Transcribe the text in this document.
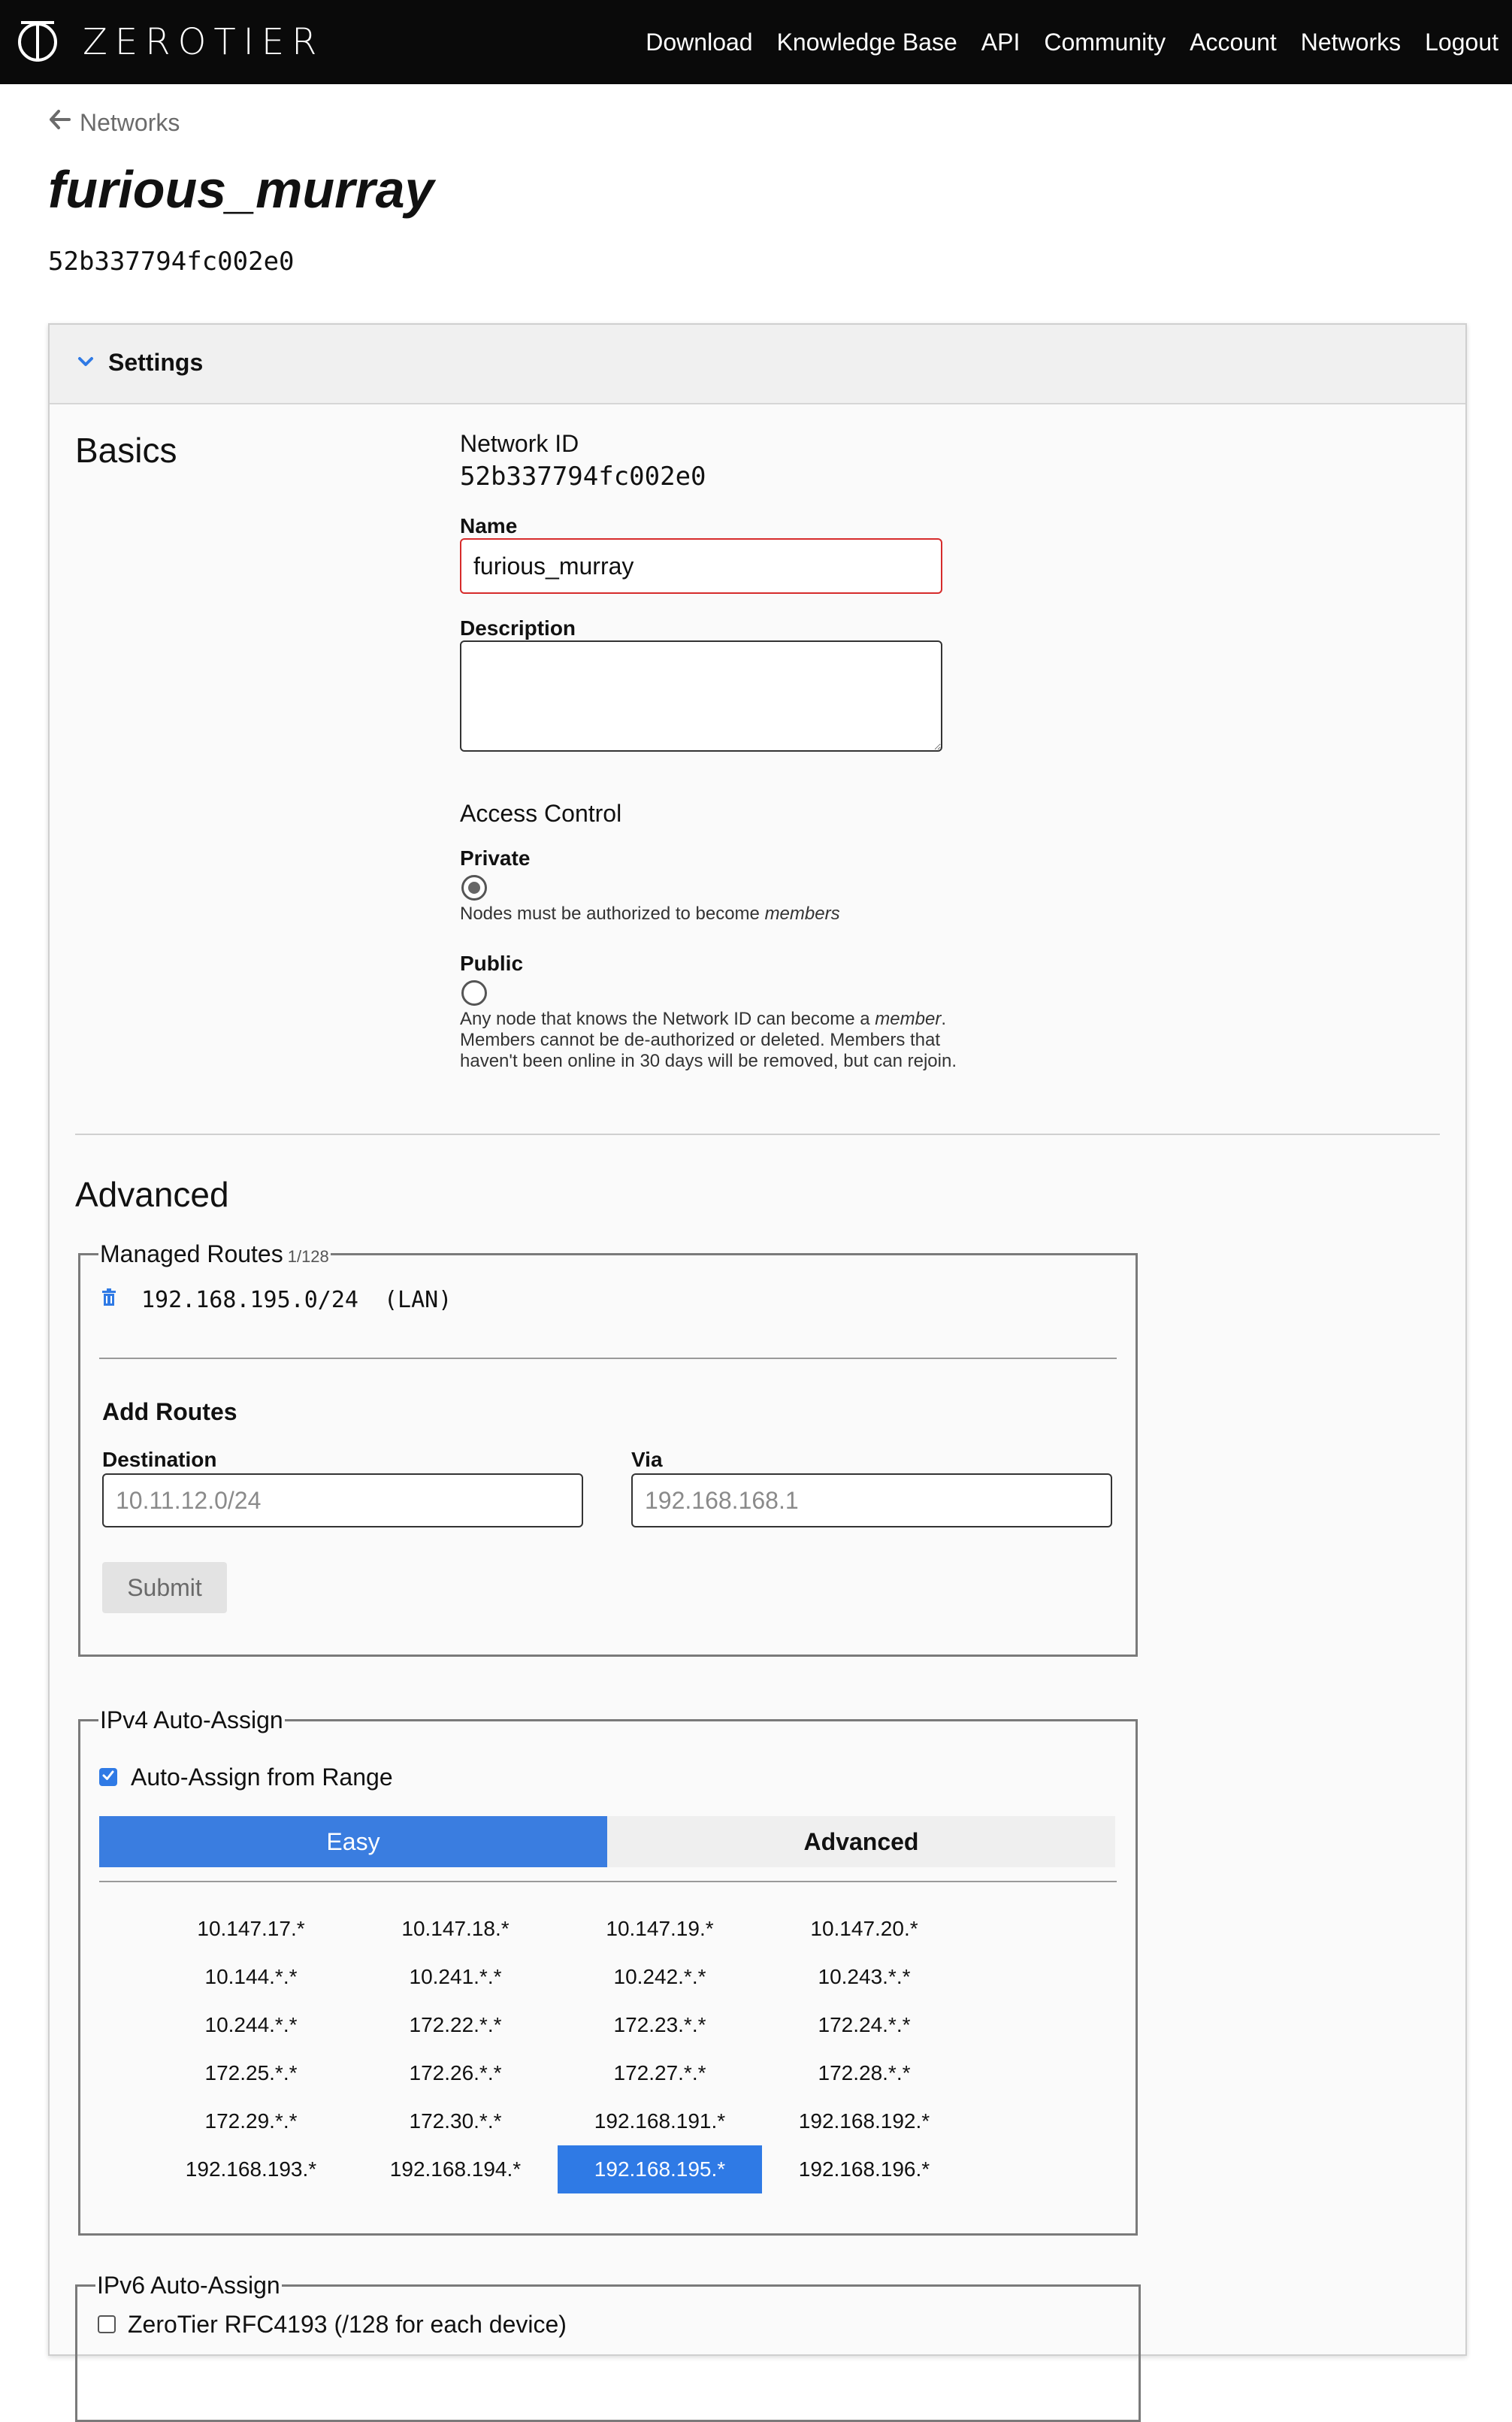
ZEROTIER	Download Knowledge Base API Community Account Networks Logout
Networks
furious_murray
52b337794fc002e0
Settings
Basics	Network ID
52b337794fc002e0
Name
furious_murray
Description
Access Control
Private
Nodes must be authorized to become members
Public
Any node that knows the Network ID can become a member.
Members cannot be de-authorized or deleted. Members that
haven't been online in 30 days will be removed, but can rejoin.
Advanced
Managed Routes 1/128
192.168.195.0/24 (LAN)
Add Routes
Destination
10.11.12.0/24	Via
192.168.168.1
Submit
IPv4 Auto-Assign
Auto-Assign from Range
Easy	Advanced
10.147.17.*	10.147.18.*	10.147.19.*	10.147.20.*
10.144.*.*	10.241.*.*	10.242.*.*	10.243.*.*
10.244.*.*	172.22.*.*	172.23.*.*	172.24.*.*
172.25.*.*	172.26.*.*	172.27.*.*	172.28.*.*
172.29.*.*	172.30.*.*	192.168.191.*	192.168.192.*
192.168.193.*	192.168.194.*	192.168.195.*	192.168.196.*
IPv6 Auto-Assign
ZeroTier RFC4193 (/128 for each device)
